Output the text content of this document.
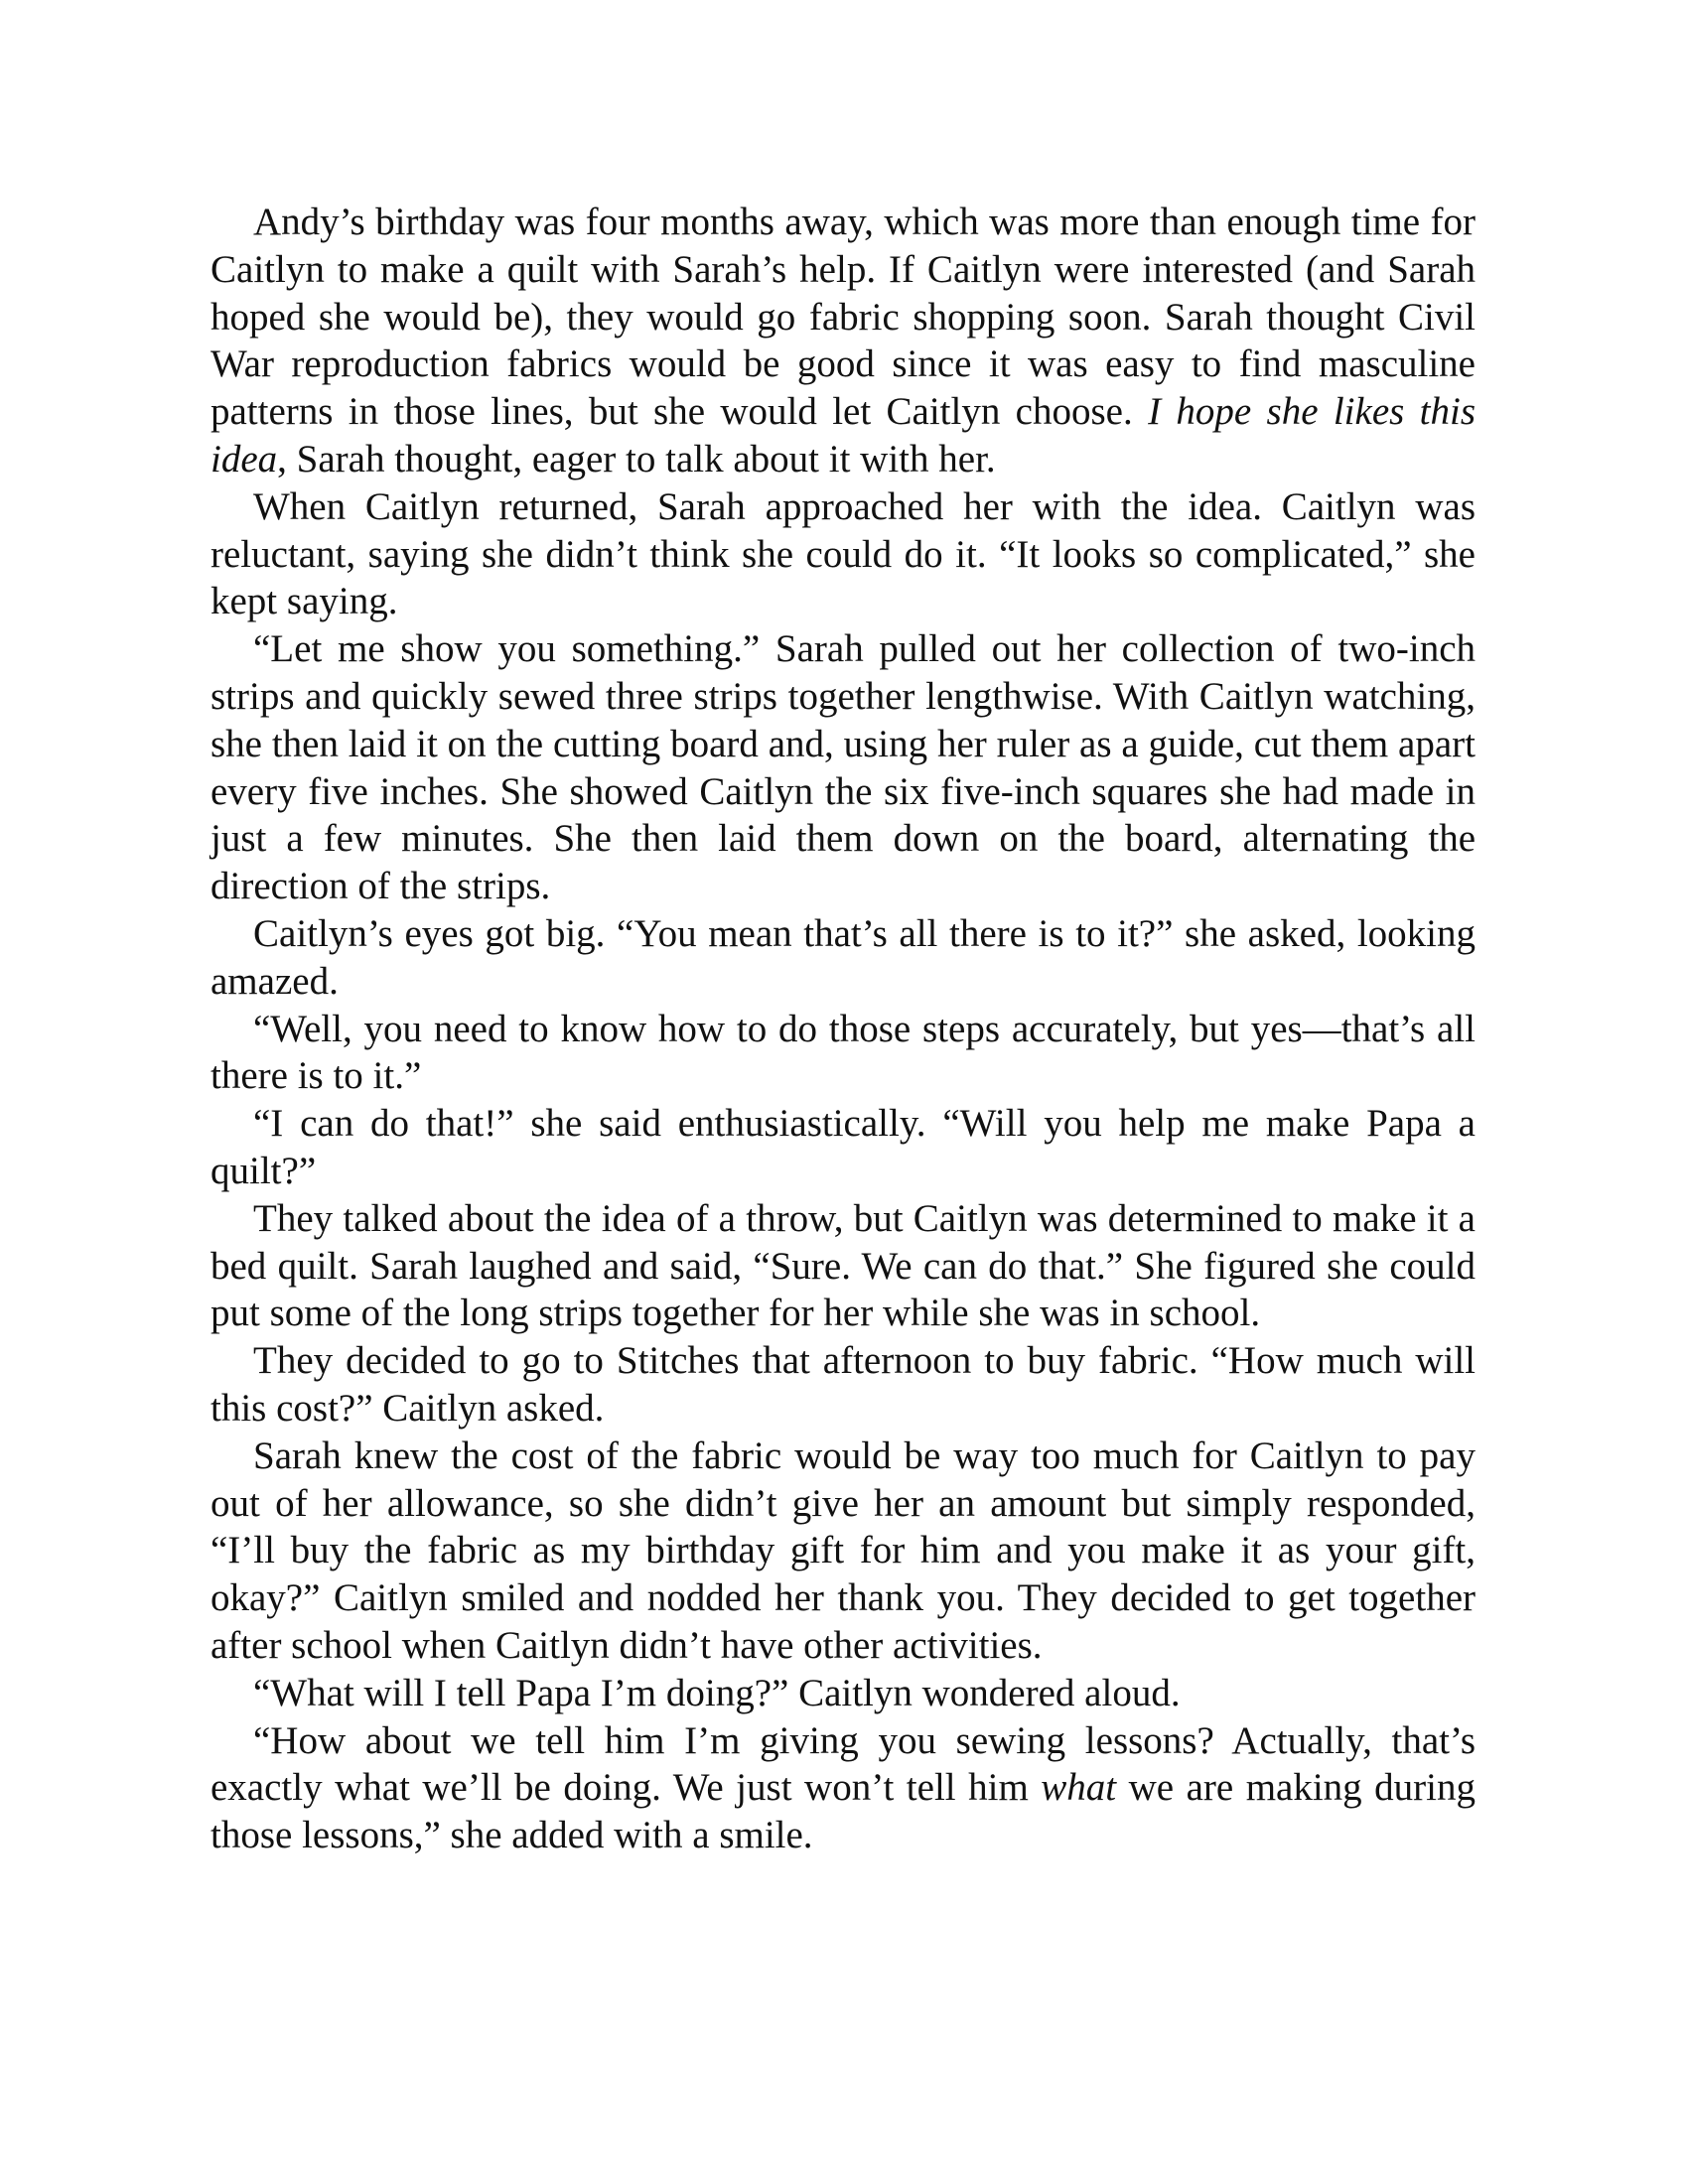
Andy’s birthday was four months away, which was more than enough time for Caitlyn to make a quilt with Sarah’s help. If Caitlyn were interested (and Sarah hoped she would be), they would go fabric shopping soon. Sarah thought Civil War reproduction fabrics would be good since it was easy to find masculine patterns in those lines, but she would let Caitlyn choose. I hope she likes this idea, Sarah thought, eager to talk about it with her.

When Caitlyn returned, Sarah approached her with the idea. Caitlyn was reluctant, saying she didn’t think she could do it. “It looks so complicated,” she kept saying.

“Let me show you something.” Sarah pulled out her collection of two-inch strips and quickly sewed three strips together lengthwise. With Caitlyn watching, she then laid it on the cutting board and, using her ruler as a guide, cut them apart every five inches. She showed Caitlyn the six five-inch squares she had made in just a few minutes. She then laid them down on the board, alternating the direction of the strips.

Caitlyn’s eyes got big. “You mean that’s all there is to it?” she asked, looking amazed.

“Well, you need to know how to do those steps accurately, but yes—that’s all there is to it.”

“I can do that!” she said enthusiastically. “Will you help me make Papa a quilt?”

They talked about the idea of a throw, but Caitlyn was determined to make it a bed quilt. Sarah laughed and said, “Sure. We can do that.” She figured she could put some of the long strips together for her while she was in school.

They decided to go to Stitches that afternoon to buy fabric. “How much will this cost?” Caitlyn asked.

Sarah knew the cost of the fabric would be way too much for Caitlyn to pay out of her allowance, so she didn’t give her an amount but simply responded, “I’ll buy the fabric as my birthday gift for him and you make it as your gift, okay?” Caitlyn smiled and nodded her thank you. They decided to get together after school when Caitlyn didn’t have other activities.

“What will I tell Papa I’m doing?” Caitlyn wondered aloud.

“How about we tell him I’m giving you sewing lessons? Actually, that’s exactly what we’ll be doing. We just won’t tell him what we are making during those lessons,” she added with a smile.
